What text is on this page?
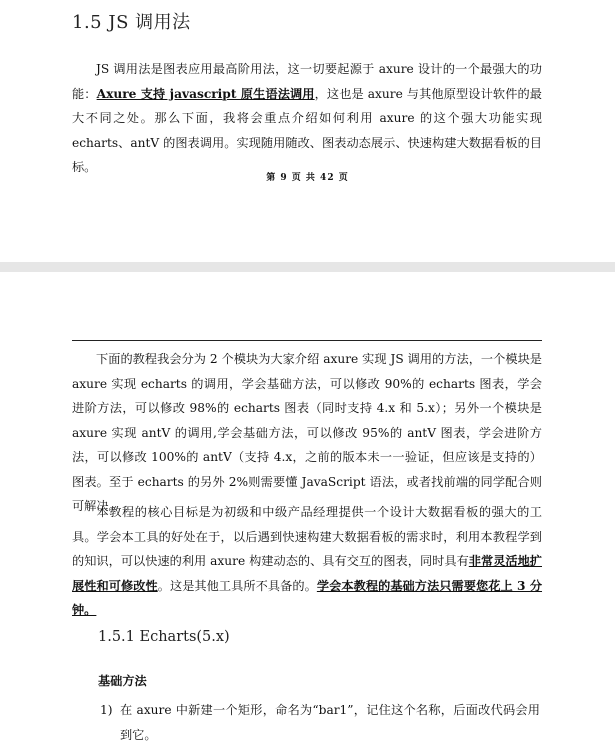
1.5 JS 调用法
JS 调用法是图表应用最高阶用法，这一切要起源于 axure 设计的一个最强大的功能：Axure 支持 javascript 原生语法调用，这也是 axure 与其他原型设计软件的最大不同之处。那么下面，我将会重点介绍如何利用 axure 的这个强大功能实现 echarts、antV 的图表调用。实现随用随改、图表动态展示、快速构建大数据看板的目标。
第 9 页 共 42 页
下面的教程我会分为 2 个模块为大家介绍 axure 实现 JS 调用的方法，一个模块是 axure 实现 echarts 的调用，学会基础方法，可以修改 90%的 echarts 图表，学会进阶方法，可以修改 98%的 echarts 图表（同时支持 4.x 和 5.x）；另外一个模块是 axure 实现 antV 的调用,学会基础方法，可以修改 95%的 antV 图表，学会进阶方法，可以修改 100%的 antV（支持 4.x，之前的版本未一一验证，但应该是支持的）图表。至于 echarts 的另外 2%则需要懂 JavaScript 语法，或者找前端的同学配合则可解决。
本教程的核心目标是为初级和中级产品经理提供一个设计大数据看板的强大的工具。学会本工具的好处在于，以后遇到快速构建大数据看板的需求时，利用本教程学到的知识，可以快速的利用 axure 构建动态的、具有交互的图表，同时具有非常灵活地扩展性和可修改性。这是其他工具所不具备的。学会本教程的基础方法只需要您花上 3 分钟。
1.5.1 Echarts(5.x)
基础方法
1) 在 axure 中新建一个矩形，命名为“bar1”，记住这个名称，后面改代码会用到它。
